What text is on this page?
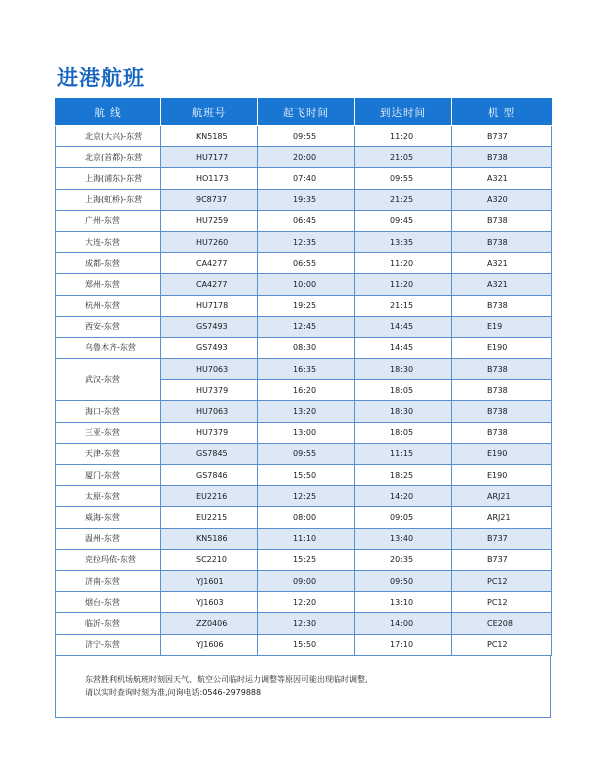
进港航班
航 线	航班号	起飞时间	到达时间	机 型
北京(大兴)-东营	KN5185	09:55	11:20	B737
北京(首都)-东营	HU7177	20:00	21:05	B738
上海(浦东)-东营	HO1173	07:40	09:55	A321
上海(虹桥)-东营	9C8737	19:35	21:25	A320
广州-东营	HU7259	06:45	09:45	B738
大连-东营	HU7260	12:35	13:35	B738
成都-东营	CA4277	06:55	11:20	A321
郑州-东营	CA4277	10:00	11:20	A321
杭州-东营	HU7178	19:25	21:15	B738
西安-东营	GS7493	12:45	14:45	E19
乌鲁木齐-东营	GS7493	08:30	14:45	E190
武汉-东营	HU7063	16:35	18:30	B738
	HU7379	16:20	18:05	B738
海口-东营	HU7063	13:20	18:30	B738
三亚-东营	HU7379	13:00	18:05	B738
天津-东营	GS7845	09:55	11:15	E190
厦门-东营	GS7846	15:50	18:25	E190
太原-东营	EU2216	12:25	14:20	ARJ21
威海-东营	EU2215	08:00	09:05	ARJ21
温州-东营	KN5186	11:10	13:40	B737
克拉玛依-东营	SC2210	15:25	20:35	B737
济南-东营	YJ1601	09:00	09:50	PC12
烟台-东营	YJ1603	12:20	13:10	PC12
临沂-东营	ZZ0406	12:30	14:00	CE208
济宁-东营	YJ1606	15:50	17:10	PC12
东营胜利机场航班时刻因天气、航空公司临时运力调整等原因可能出现临时调整,
请以实时查询时刻为准,问询电话:0546-2979888
